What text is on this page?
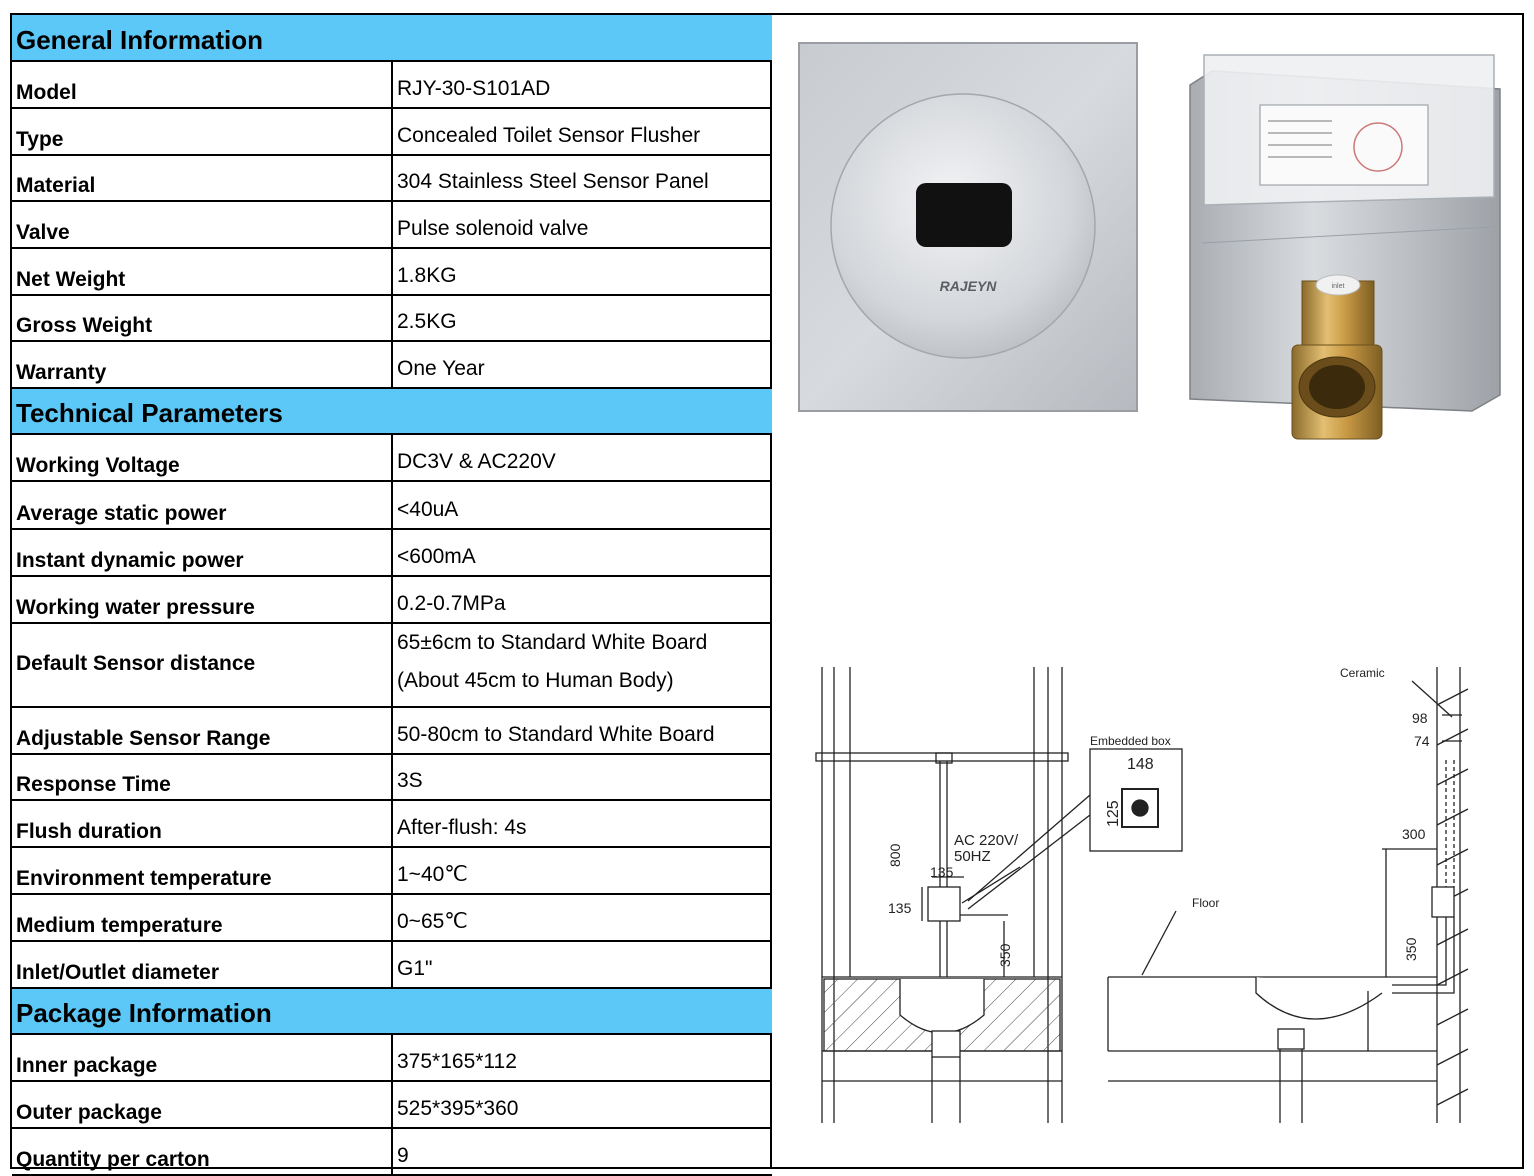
General Information	
Model	RJY-30-S101AD
Type	Concealed Toilet Sensor Flusher
Material	304 Stainless Steel Sensor Panel
Valve	Pulse solenoid valve
Net Weight	1.8KG
Gross Weight	2.5KG
Warranty	One Year
Technical Parameters	
Working Voltage	DC3V & AC220V
Average static power	<40uA
Instant dynamic power	<600mA
Working water pressure	0.2-0.7MPa
Default Sensor distance	65±6cm to Standard White Board
(About 45cm to Human Body)

Adjustable Sensor Range	50-80cm to Standard White Board
Response Time	3S
Flush duration	After-flush: 4s
Environment temperature	1~40℃
Medium temperature	0~65℃
Inlet/Outlet diameter	G1"
Package Information	
Inner package	375*165*112
Outer package	525*395*360
Quantity per carton	9
RAJEYN	inlet
Embedded box
148
125
800
AC 220V/
50HZ
135
135
350
Ceramic
98
74
300
Floor
350
